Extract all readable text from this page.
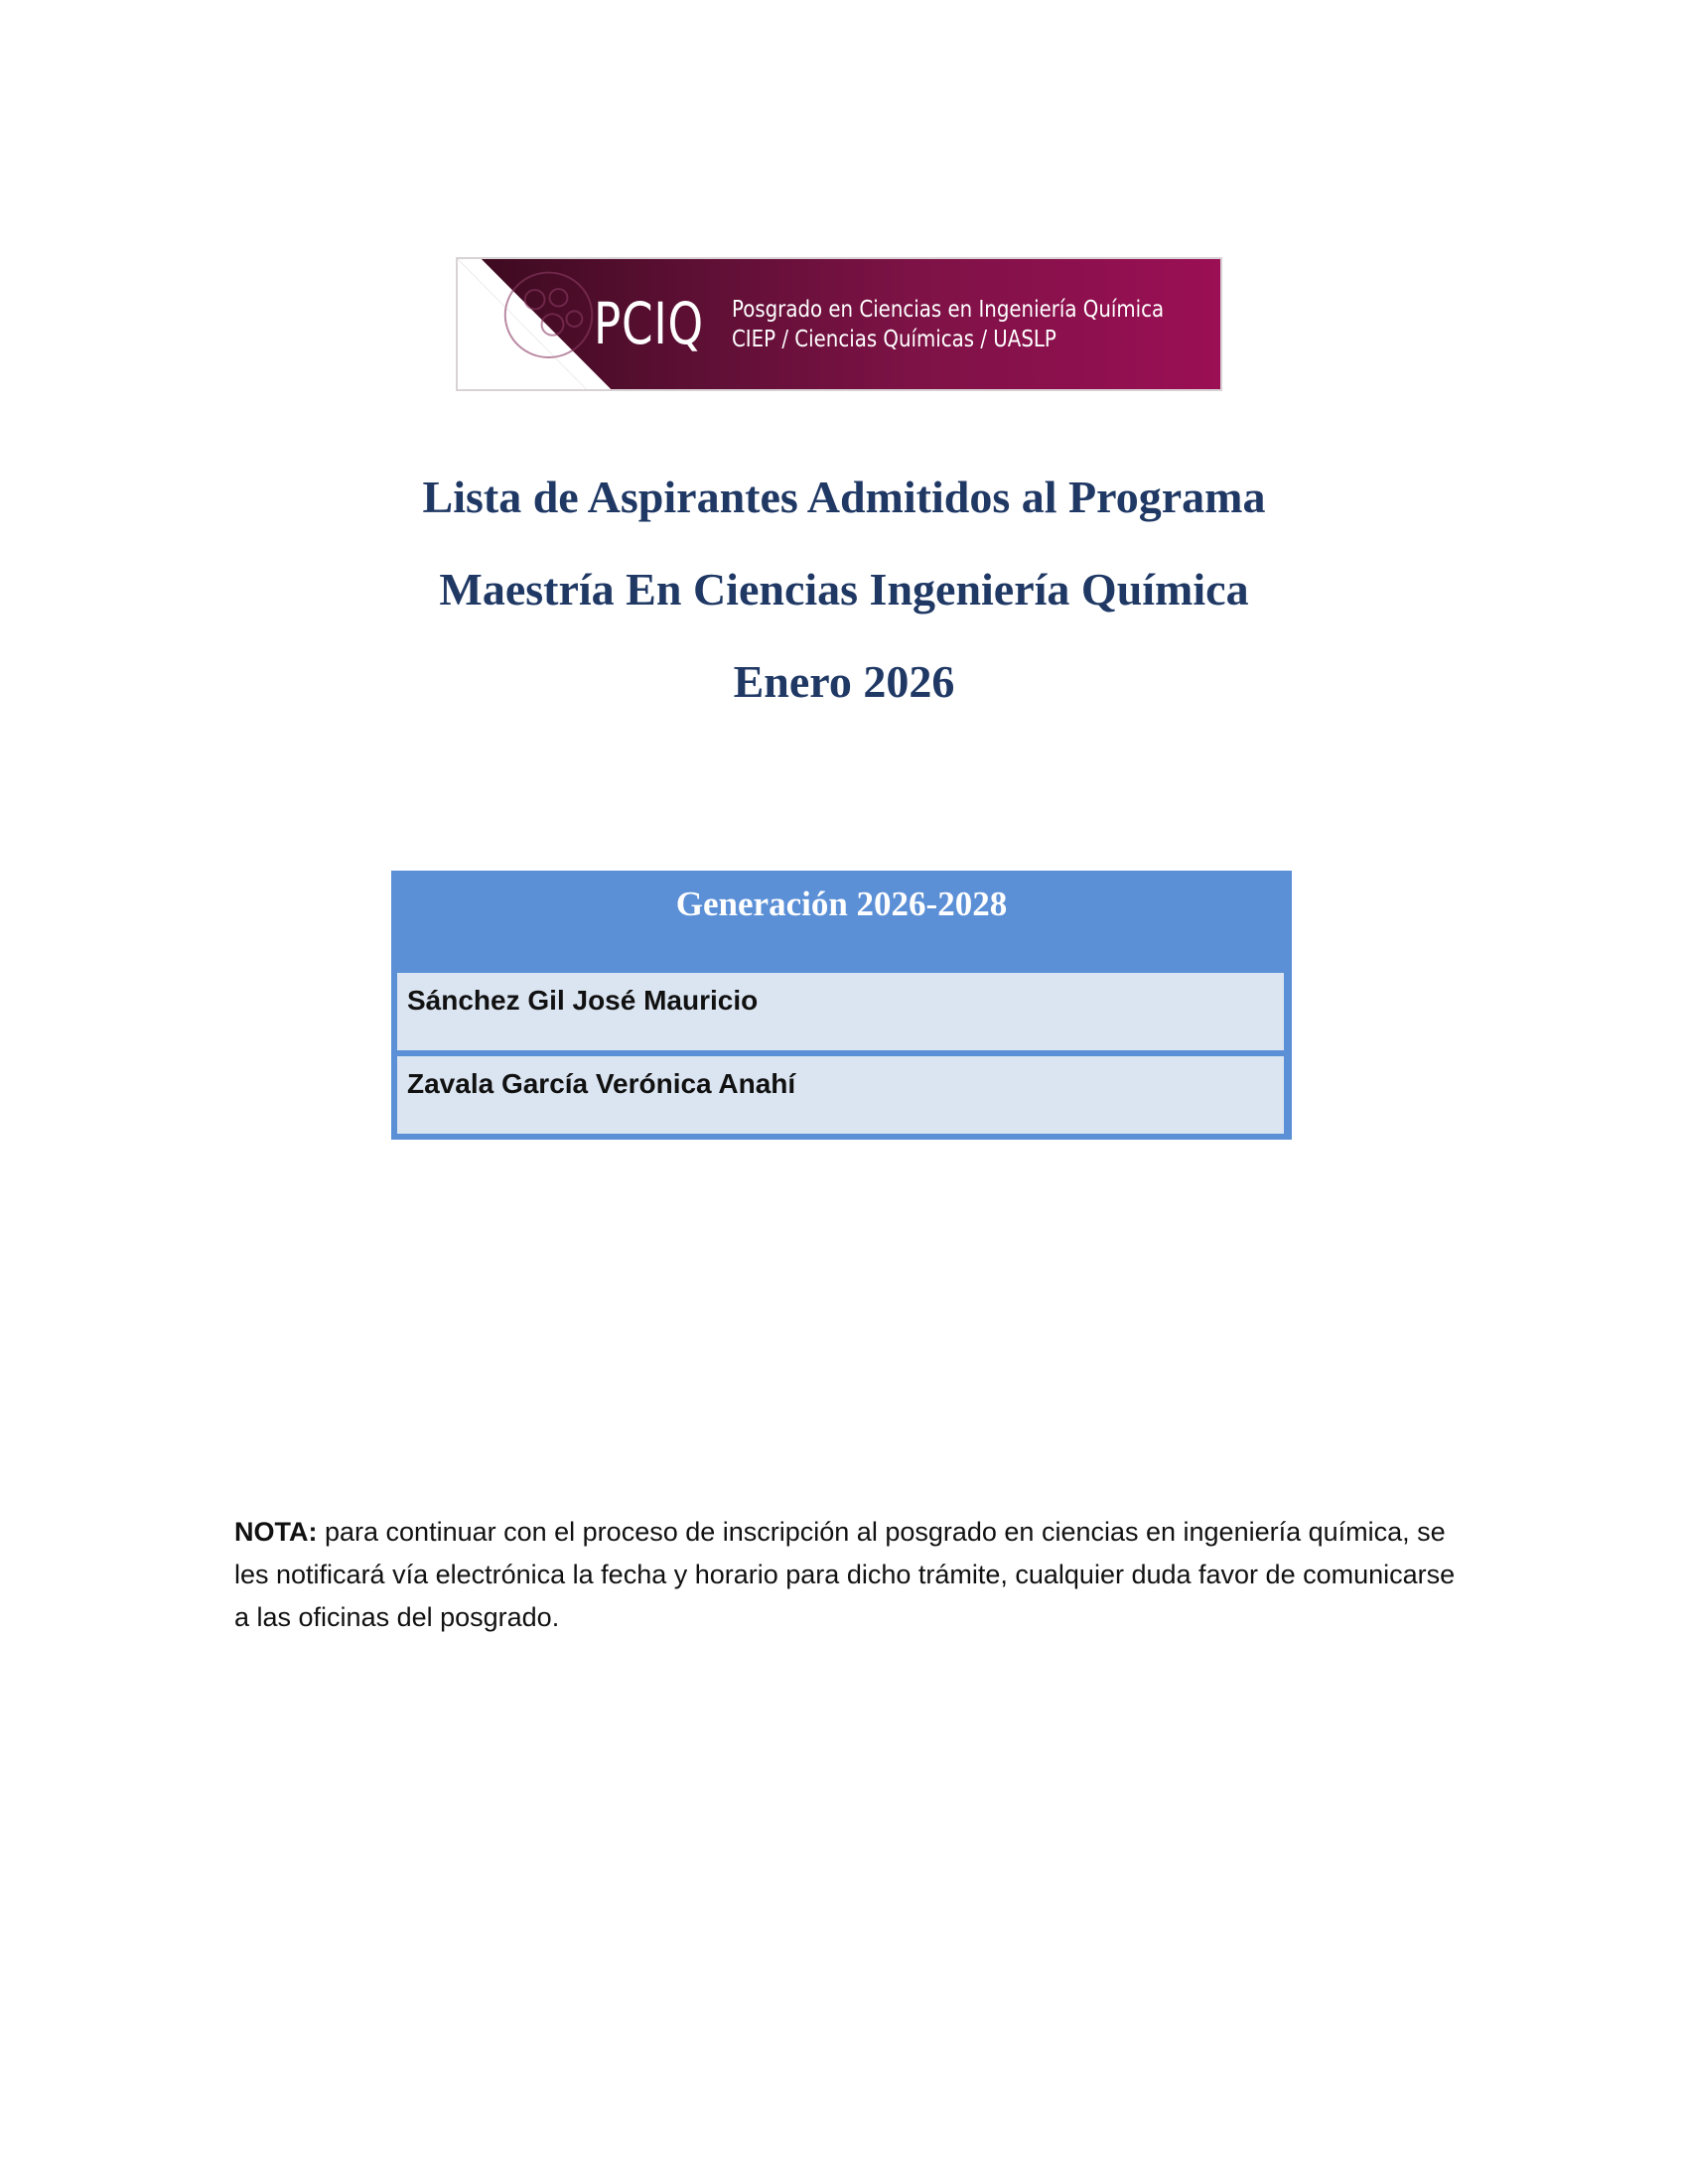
PCIQ Posgrado en Ciencias en Ingeniería Química
CIEP / Ciencias Químicas / UASLP
Lista de Aspirantes Admitidos al Programa
Maestría En Ciencias Ingeniería Química
Enero 2026
Generación 2026-2028
Sánchez Gil José Mauricio
Zavala García Verónica Anahí

NOTA: para continuar con el proceso de inscripción al posgrado en ciencias en ingeniería química, se les notificará vía electrónica la fecha y horario para dicho trámite, cualquier duda favor de comunicarse a las oficinas del posgrado.
